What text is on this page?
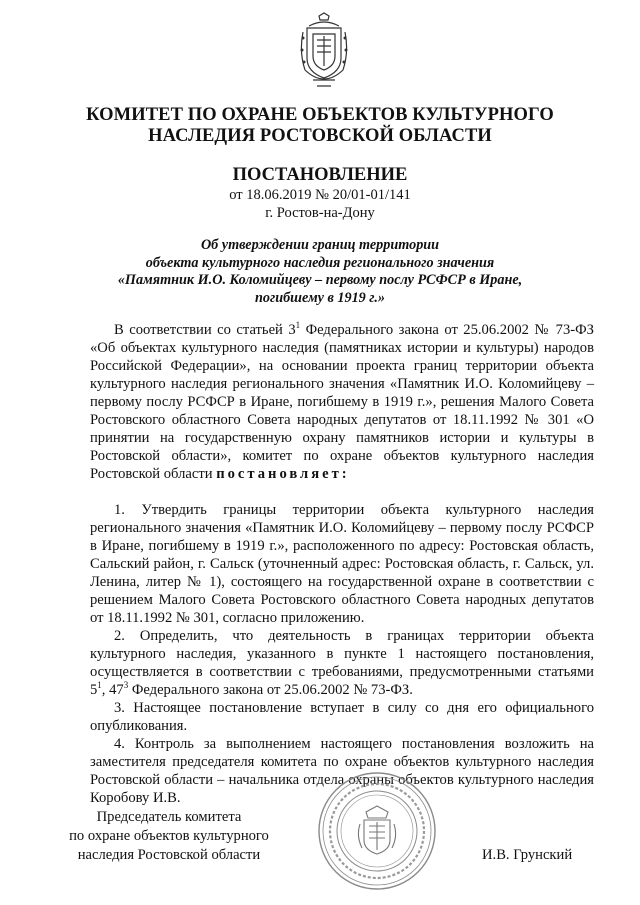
КОМИТЕТ ПО ОХРАНЕ ОБЪЕКТОВ КУЛЬТУРНОГО
НАСЛЕДИЯ РОСТОВСКОЙ ОБЛАСТИ
ПОСТАНОВЛЕНИЕ
от 18.06.2019 № 20/01-01/141
г. Ростов-на-Дону
Об утверждении границ территории
объекта культурного наследия регионального значения
«Памятник И.О. Коломийцеву – первому послу РСФСР в Иране,
погибшему в 1919 г.»

В соответствии со статьей $3^1$ Федерального закона от 25.06.2002 № 73-ФЗ «Об объектах культурного наследия (памятниках истории и культуры) народов Российской Федерации», на основании проекта границ территории объекта культурного наследия регионального значения «Памятник И.О. Коломийцеву – первому послу РСФСР в Иране, погибшему в 1919 г.», решения Малого Совета Ростовского областного Совета народных депутатов от 18.11.1992 № 301 «О принятии на государственную охрану памятников истории и культуры в Ростовской области», комитет по охране объектов культурного наследия Ростовской области постановляет:

1. Утвердить границы территории объекта культурного наследия регионального значения «Памятник И.О. Коломийцеву – первому послу РСФСР в Иране, погибшему в 1919 г.», расположенного по адресу: Ростовская область, Сальский район, г. Сальск (уточненный адрес: Ростовская область, г. Сальск, ул. Ленина, литер № 1), состоящего на государственной охране в соответствии с решением Малого Совета Ростовского областного Совета народных депутатов от 18.11.1992 № 301, согласно приложению.

2. Определить, что деятельность в границах территории объекта культурного наследия, указанного в пункте 1 настоящего постановления, осуществляется в соответствии с требованиями, предусмотренными статьями $5^1$, $47^3$ Федерального закона от 25.06.2002 № 73-ФЗ.

3. Настоящее постановление вступает в силу со дня его официального опубликования.

4. Контроль за выполнением настоящего постановления возложить на заместителя председателя комитета по охране объектов культурного наследия Ростовской области – начальника отдела охраны объектов культурного наследия Коробову И.В.

Председатель комитета
по охране объектов культурного
наследия Ростовской области	И.В. Грунский
